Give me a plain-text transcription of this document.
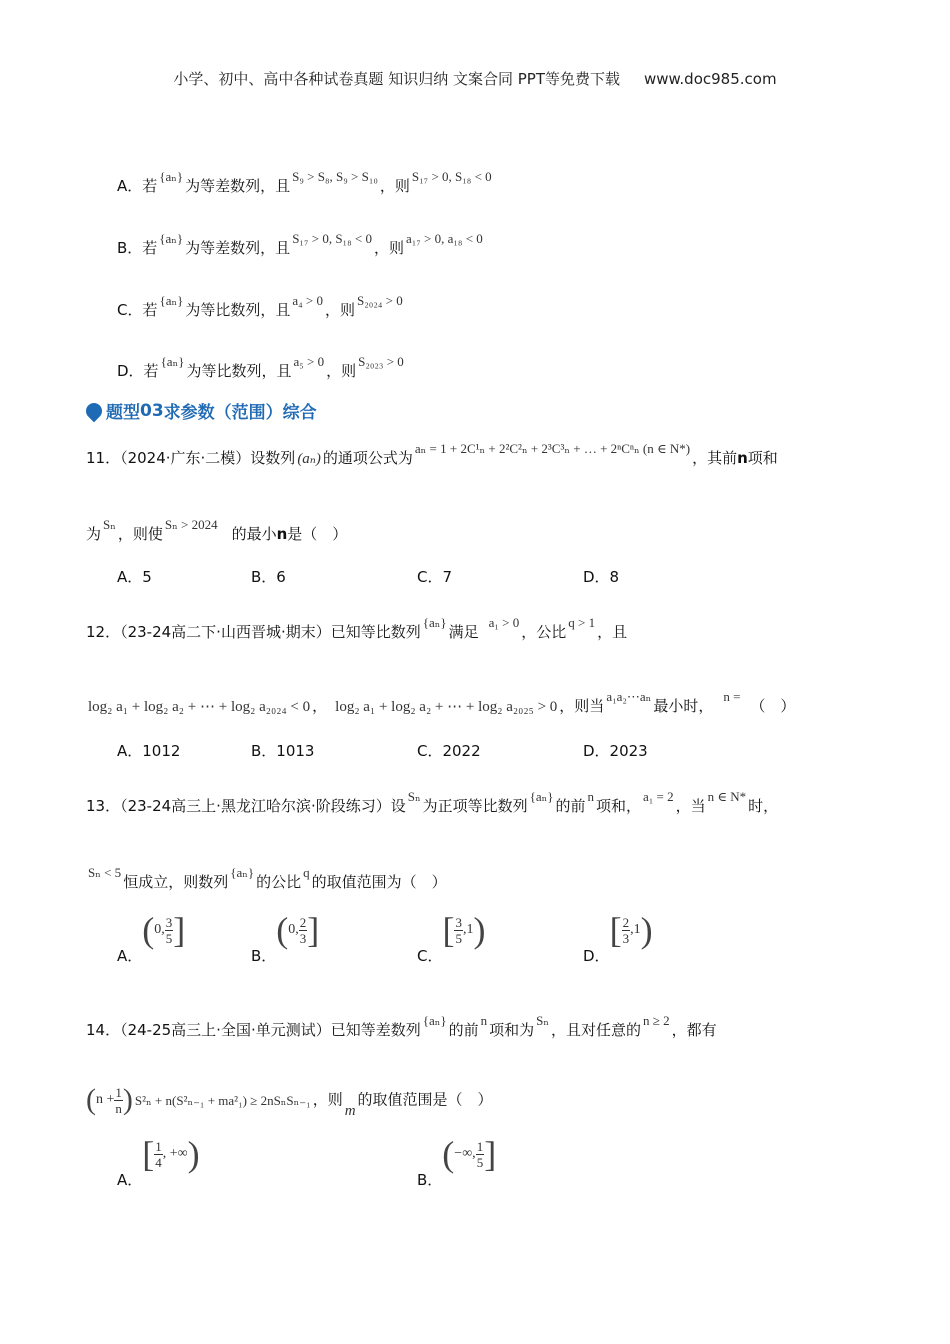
小学、初中、高中各种试卷真题 知识归纳 文案合同 PPT等免费下载 www.doc985.com
A．若{aₙ}为等差数列，且S₉ > S₈, S₉ > S₁₀，则S₁₇ > 0, S₁₈ < 0
B．若{aₙ}为等差数列，且S₁₇ > 0, S₁₈ < 0，则a₁₇ > 0, a₁₈ < 0
C．若{aₙ}为等比数列，且a₄ > 0，则S₂₀₂₄ > 0
D．若{aₙ}为等比数列，且a₅ > 0，则S₂₀₂₃ > 0
题型 03 求参数（范围）综合
11．（2024·广东·二模）设数列 (aₙ) 的通项公式为aₙ = 1 + 2C¹ₙ + 2²C²ₙ + 2³C³ₙ + … + 2ⁿCⁿₙ (n ∈ N*)，其前n项和
为Sₙ，则使Sₙ > 2024的最小n是（　）
A．5	B．6	C．7	D．8
12．（23-24高二下·山西晋城·期末）已知等比数列{aₙ}满足a₁ > 0，公比q > 1，且
log₂ a₁ + log₂ a₂ + ⋯ + log₂ a₂₀₂₄ < 0 ， log₂ a₁ + log₂ a₂ + ⋯ + log₂ a₂₀₂₅ > 0 ，则当a₁a₂⋯aₙ最小时，n =（　）
A．1012	B．1013	C．2022	D．2023
13．（23-24高三上·黑龙江哈尔滨·阶段练习）设Sₙ为正项等比数列{aₙ}的前n项和，a₁ = 2，当n ∈ N*时，
Sₙ < 5恒成立，则数列{aₙ}的公比q的取值范围为（　）
A．
( 0, $\frac{3}{5}$ ]
B．
( 0, $\frac{2}{3}$ ]
C．
[ $\frac{3}{5} ,1$ )
D．
[ $\frac{2}{3} ,1$ )
14．（24-25高三上·全国·单元测试）已知等差数列{aₙ}的前n项和为Sₙ，且对任意的n ≥ 2，都有
( $n + \frac{1}{n}$ ) S²ₙ + n(S²ₙ₋₁ + ma²₁) ≥ 2nSₙSₙ₋₁ ，则m的取值范围是（　）
A．
[ $\frac{1}{4}$ , +∞ )
B．
( −∞, $\frac{1}{5}$ ]
